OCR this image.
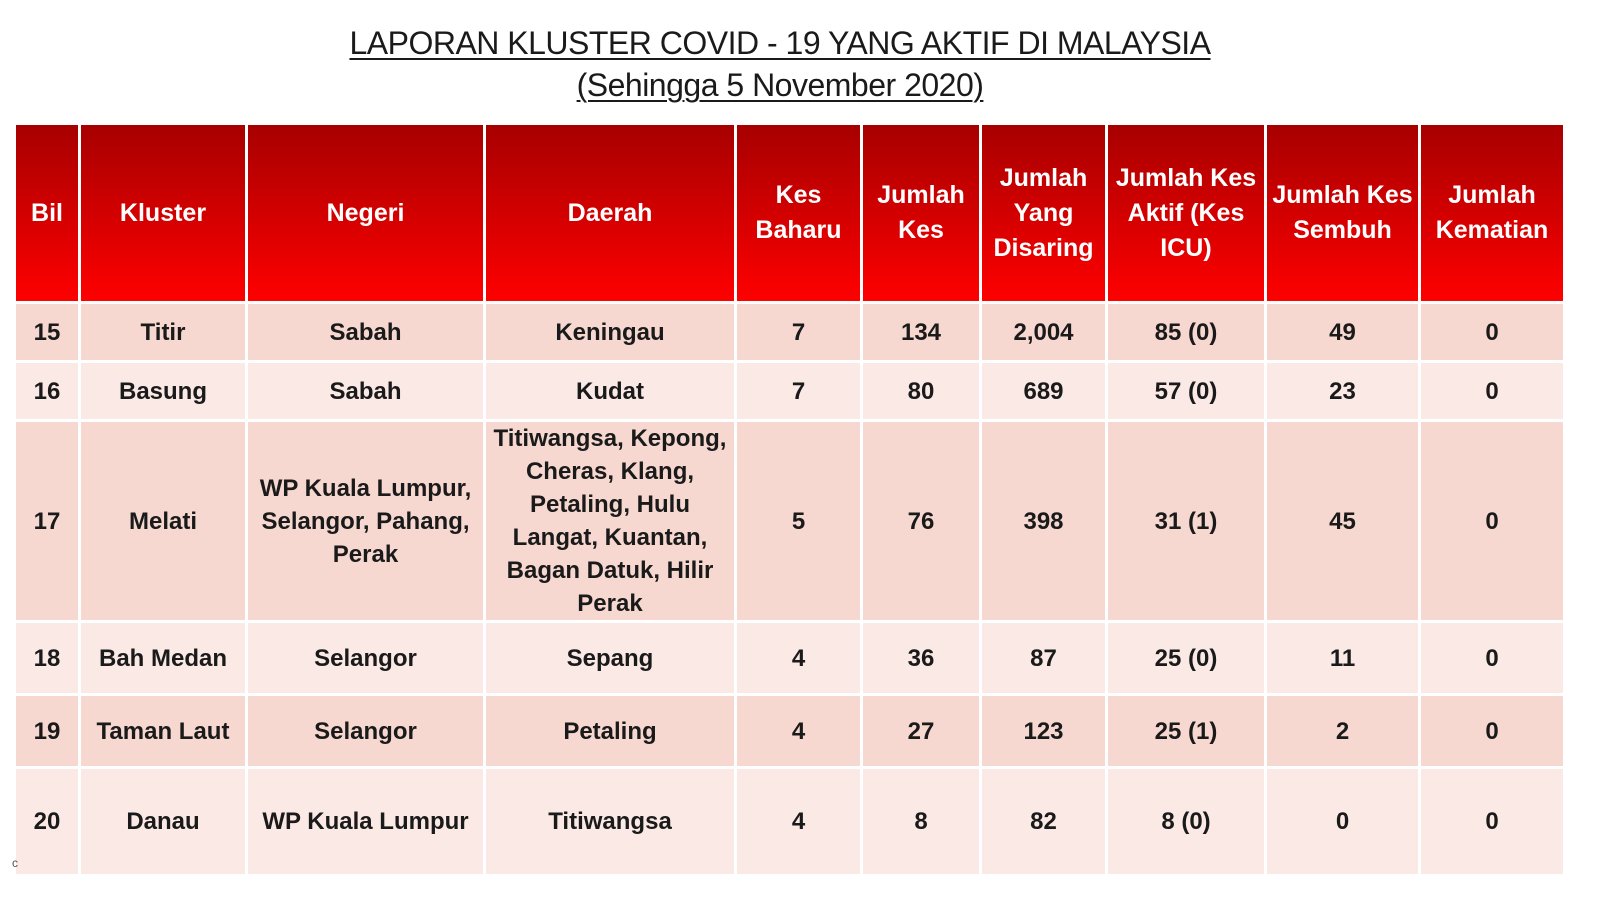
LAPORAN KLUSTER COVID - 19 YANG AKTIF DI MALAYSIA
(Sehingga 5 November 2020)
Bil	Kluster	Negeri	Daerah	Kes Baharu	Jumlah Kes	Jumlah Yang Disaring	Jumlah Kes Aktif (Kes ICU)	Jumlah Kes Sembuh	Jumlah Kematian
15	Titir	Sabah	Keningau	7	134	2,004	85 (0)	49	0
16	Basung	Sabah	Kudat	7	80	689	57 (0)	23	0
17	Melati	WP Kuala Lumpur, Selangor, Pahang, Perak	Titiwangsa, Kepong, Cheras, Klang, Petaling, Hulu Langat, Kuantan, Bagan Datuk, Hilir Perak	5	76	398	31 (1)	45	0
18	Bah Medan	Selangor	Sepang	4	36	87	25 (0)	11	0
19	Taman Laut	Selangor	Petaling	4	27	123	25 (1)	2	0
20	Danau	WP Kuala Lumpur	Titiwangsa	4	8	82	8 (0)	0	0
c
